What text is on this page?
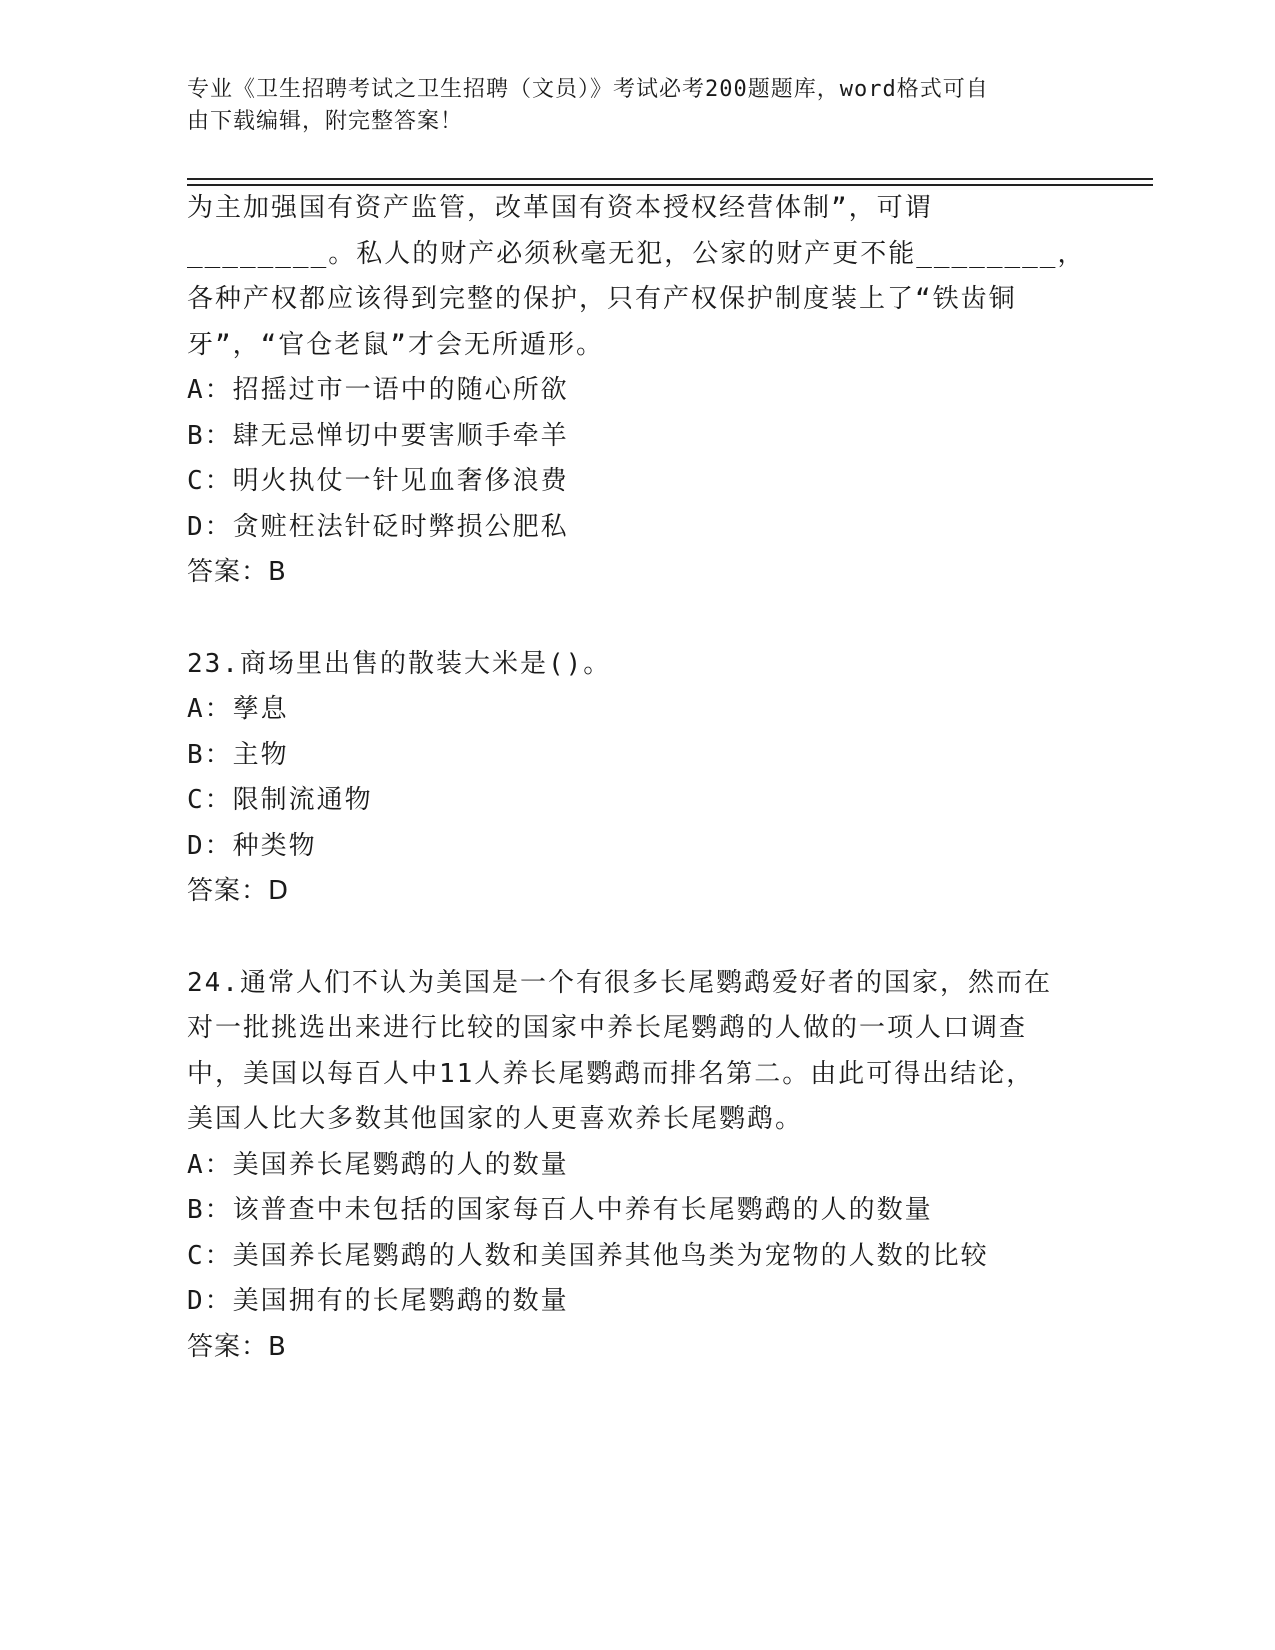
专业《卫生招聘考试之卫生招聘（文员）》考试必考200题题库，word格式可自
由下载编辑，附完整答案！
为主加强国有资产监管，改革国有资本授权经营体制”，可谓
________。私人的财产必须秋毫无犯，公家的财产更不能________，
各种产权都应该得到完整的保护，只有产权保护制度装上了“铁齿铜
牙”，“官仓老鼠”才会无所遁形。
A：招摇过市一语中的随心所欲
B：肆无忌惮切中要害顺手牵羊
C：明火执仗一针见血奢侈浪费
D：贪赃枉法针砭时弊损公肥私
答案：B
23.商场里出售的散装大米是()。
A：孳息
B：主物
C：限制流通物
D：种类物
答案：D
24.通常人们不认为美国是一个有很多长尾鹦鹉爱好者的国家，然而在
对一批挑选出来进行比较的国家中养长尾鹦鹉的人做的一项人口调查
中，美国以每百人中11人养长尾鹦鹉而排名第二。由此可得出结论，
美国人比大多数其他国家的人更喜欢养长尾鹦鹉。
A：美国养长尾鹦鹉的人的数量
B：该普查中未包括的国家每百人中养有长尾鹦鹉的人的数量
C：美国养长尾鹦鹉的人数和美国养其他鸟类为宠物的人数的比较
D：美国拥有的长尾鹦鹉的数量
答案：B
